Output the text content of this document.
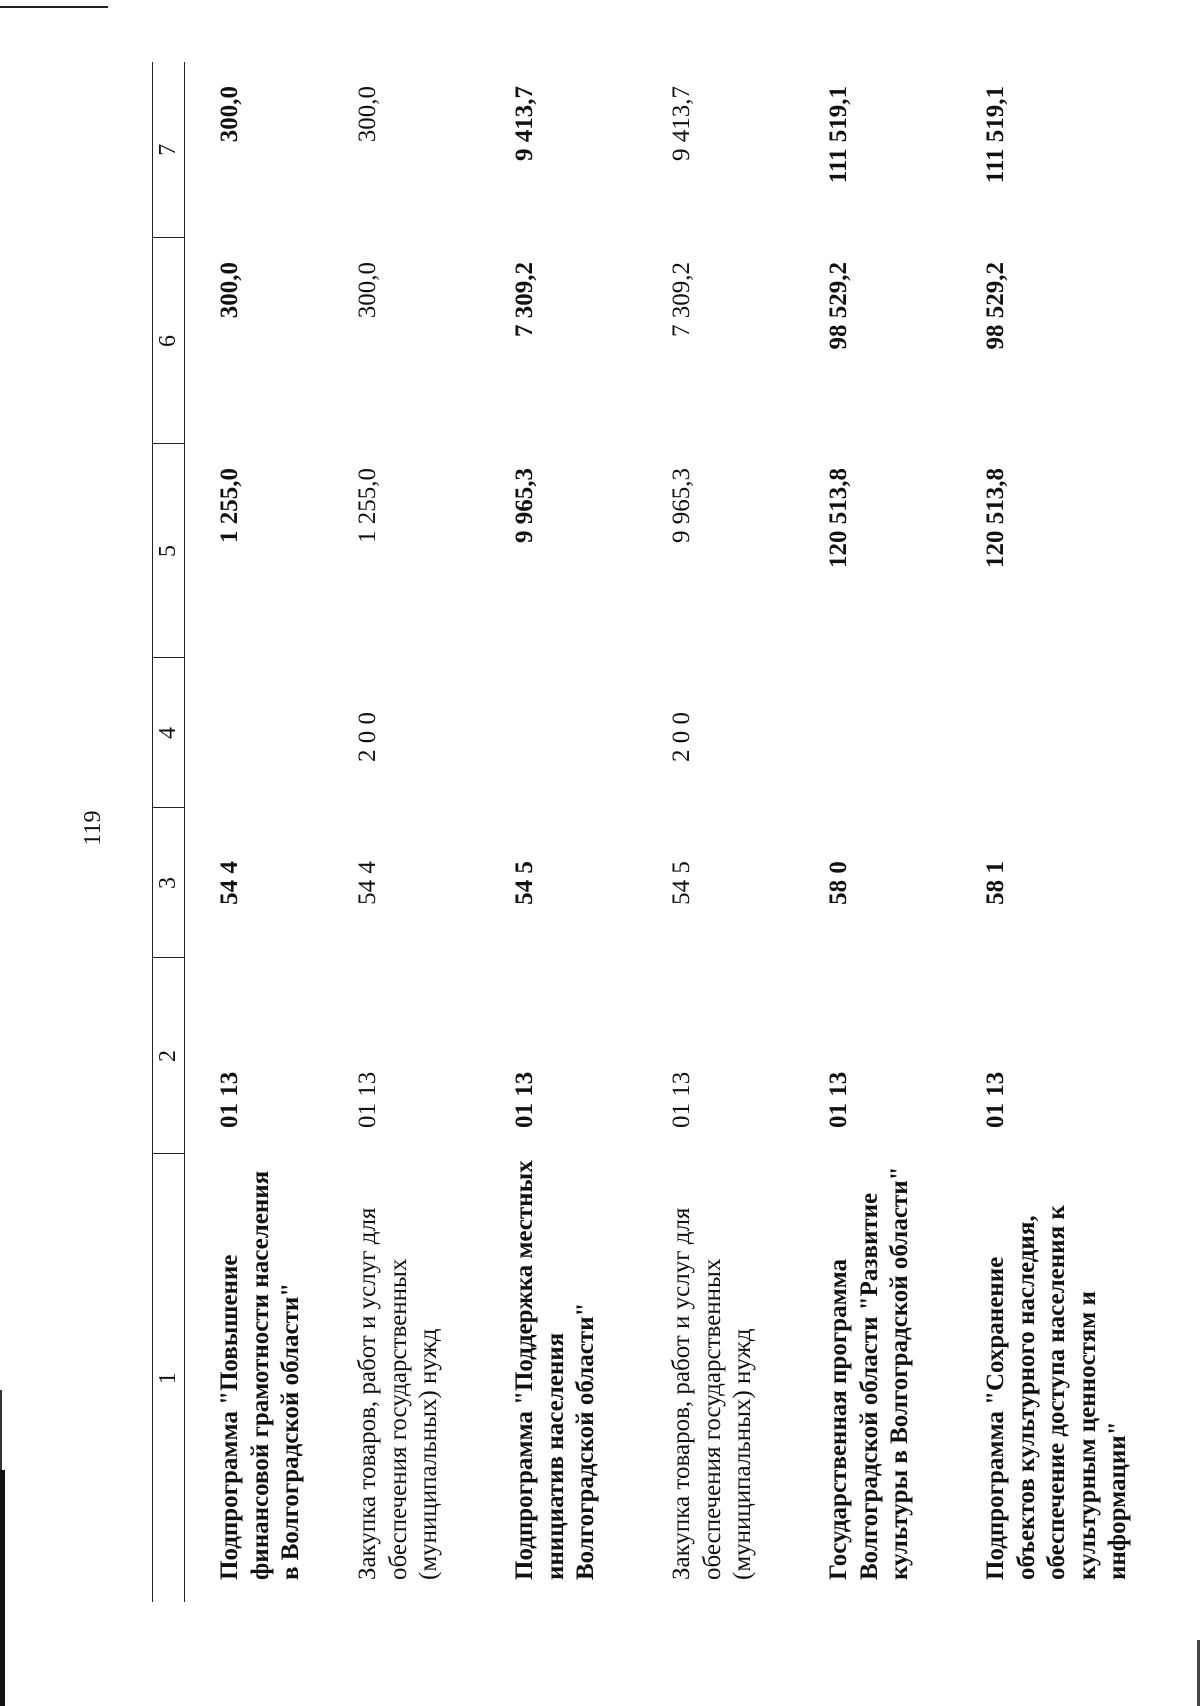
119
1	2	3	4	5	6	7
Подпрограмма "Повышение финансовой грамотности населения в Волгоградской области"	01 13	54 4		1 255,0	300,0	300,0
Закупка товаров, работ и услуг для обеспечения государственных (муниципальных) нужд	01 13	54 4	2 0 0	1 255,0	300,0	300,0
Подпрограмма "Поддержка местных инициатив населения Волгоградской области"	01 13	54 5		9 965,3	7 309,2	9 413,7
Закупка товаров, работ и услуг для обеспечения государственных (муниципальных) нужд	01 13	54 5	2 0 0	9 965,3	7 309,2	9 413,7
Государственная программа Волгоградской области "Развитие культуры в Волгоградской области"	01 13	58 0		120 513,8	98 529,2	111 519,1
Подпрограмма "Сохранение объектов культурного наследия, обеспечение доступа населения к культурным ценностям и информации"	01 13	58 1		120 513,8	98 529,2	111 519,1
